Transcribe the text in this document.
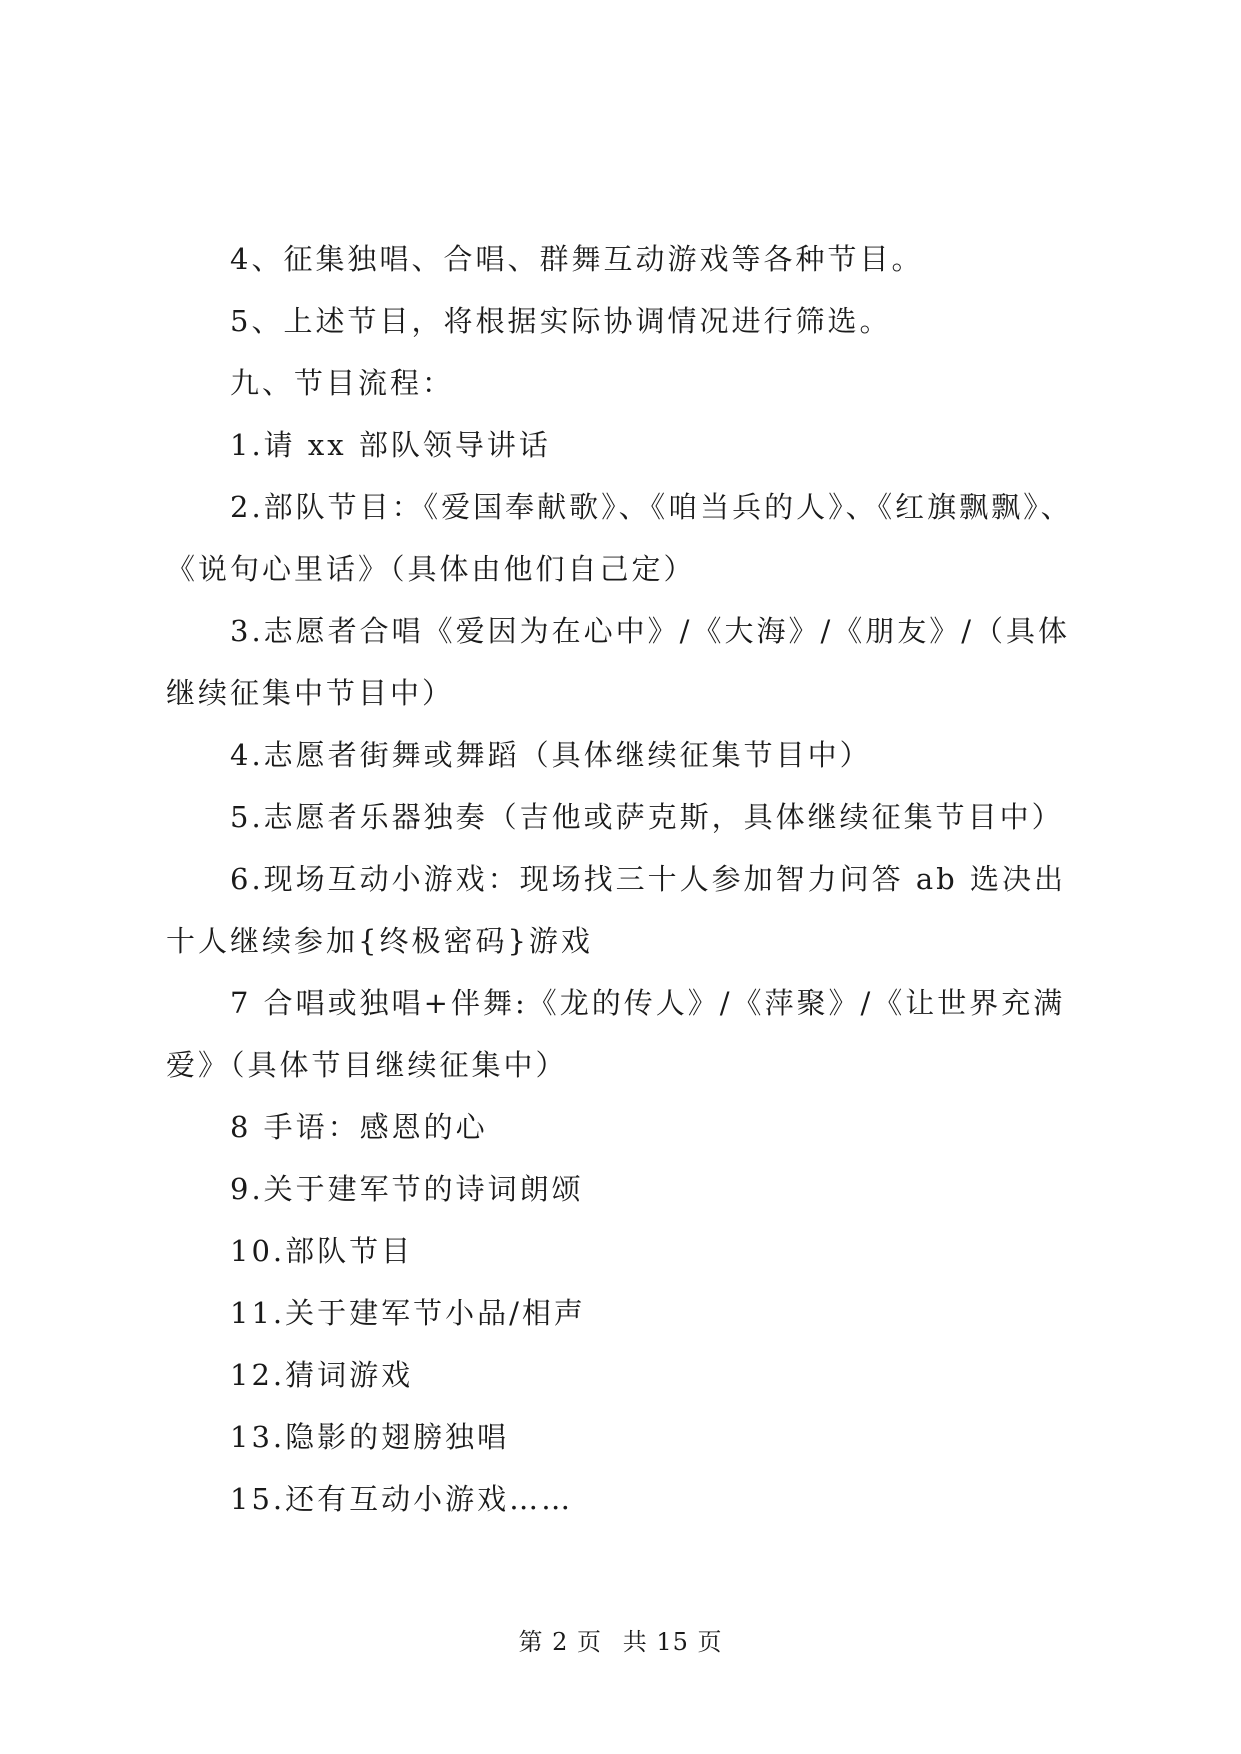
4、征集独唱、合唱、群舞互动游戏等各种节目。

5、上述节目，将根据实际协调情况进行筛选。

九、节目流程：

1.请 xx 部队领导讲话

2.部队节目：《爱国奉献歌》、《咱当兵的人》、《红旗飘飘》、《说句心里话》（具体由他们自己定）

3.志愿者合唱《爱因为在心中》/《大海》/《朋友》/（具体继续征集中节目中）

4.志愿者街舞或舞蹈（具体继续征集节目中）

5.志愿者乐器独奏（吉他或萨克斯，具体继续征集节目中）

6.现场互动小游戏：现场找三十人参加智力问答 ab 选决出十人继续参加{终极密码}游戏

7 合唱或独唱+伴舞:《龙的传人》/《萍聚》/《让世界充满爱》（具体节目继续征集中）

8 手语：感恩的心

9.关于建军节的诗词朗颂

10.部队节目

11.关于建军节小品/相声

12.猜词游戏

13.隐影的翅膀独唱

15.还有互动小游戏……

第 2 页 共 15 页
